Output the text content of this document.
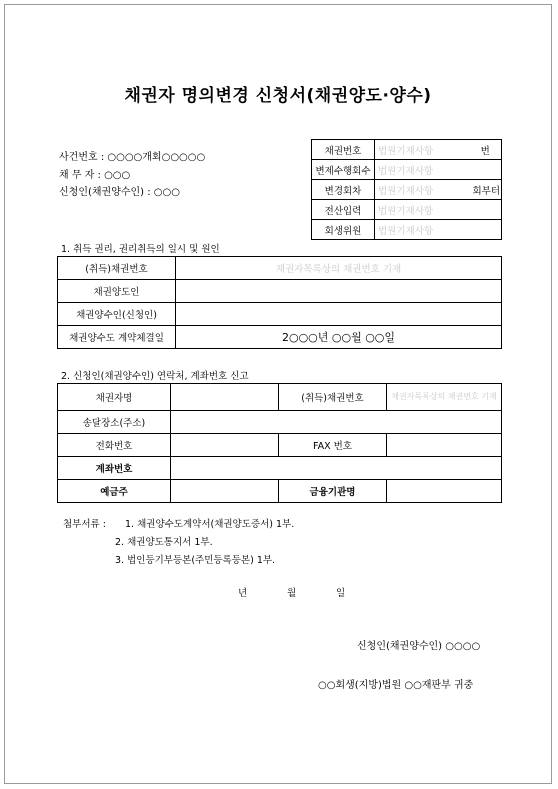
채권자 명의변경 신청서(채권양도·양수)
사건번호 : ○○○○개회○○○○○
채 무 자 : ○○○
신청인(채권양수인) : ○○○
채권번호	법원기재사항	번
변제수행회수	법원기재사항	
변경회차	법원기재사항	회부터
전산입력	법원기재사항	
회생위원	법원기재사항	
1. 취득 권리, 권리취득의 일시 및 원인
(취득)채권번호	채권자목록상의 채권번호 기재
채권양도인	
채권양수인(신청인)	
채권양수도 계약체결일	2○○○년 ○○월 ○○일
2. 신청인(채권양수인) 연락처, 계좌번호 신고
채권자명		(취득)채권번호	채권자목록상의 채권번호 기재
송달장소(주소)			
전화번호		FAX 번호	
계좌번호			
예금주		금융기관명	
첨부서류 : 1. 채권양수도계약서(채권양도증서) 1부.
2. 채권양도통지서 1부.
3. 법인등기부등본(주민등록등본) 1부.
년	월	일
신청인(채권양수인) ○○○○
○○회생(지방)법원 ○○재판부 귀중
